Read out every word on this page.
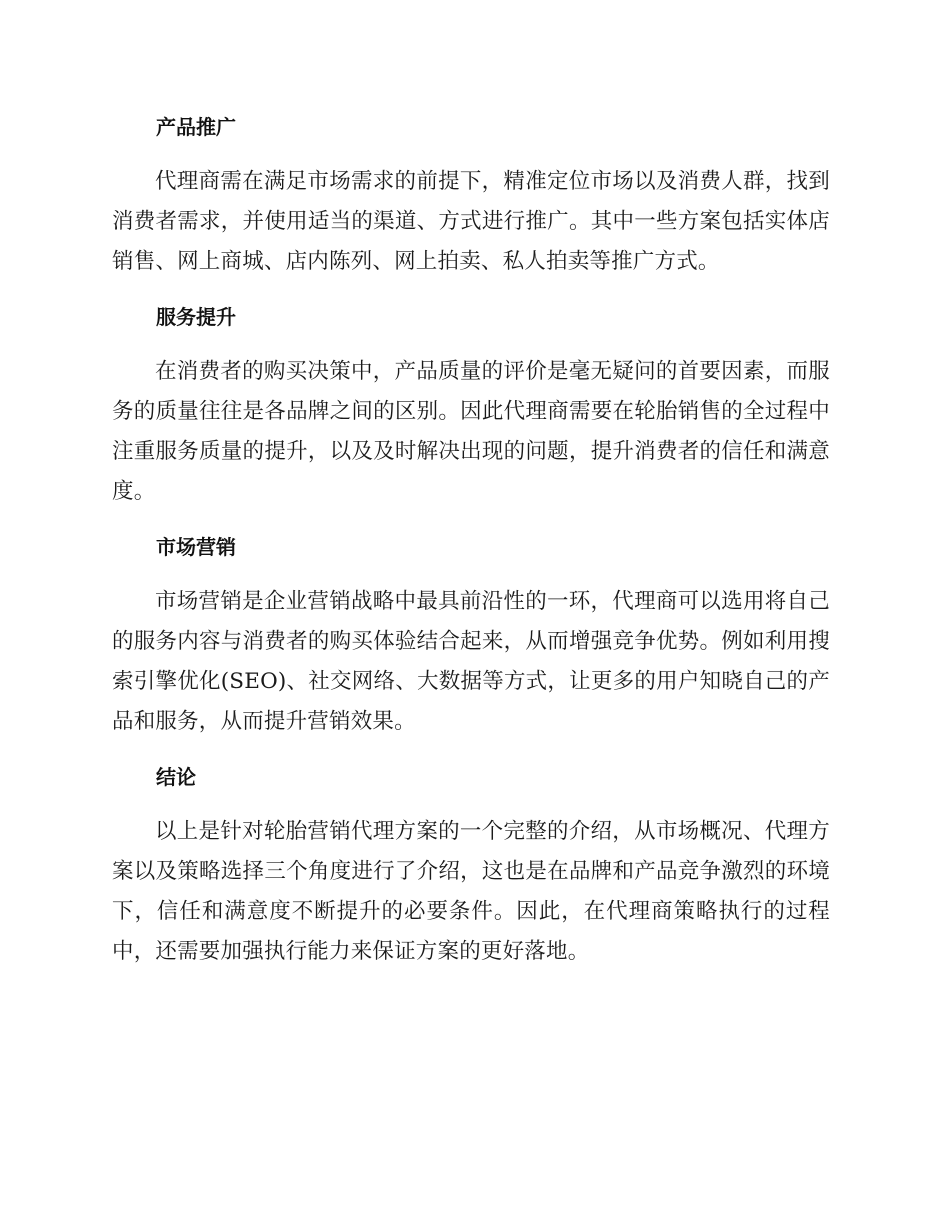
产品推广

代理商需在满足市场需求的前提下，精准定位市场以及消费人群，找到消费者需求，并使用适当的渠道、方式进行推广。其中一些方案包括实体店销售、网上商城、店内陈列、网上拍卖、私人拍卖等推广方式。

服务提升

在消费者的购买决策中，产品质量的评价是毫无疑问的首要因素，而服务的质量往往是各品牌之间的区别。因此代理商需要在轮胎销售的全过程中注重服务质量的提升，以及及时解决出现的问题，提升消费者的信任和满意度。

市场营销

市场营销是企业营销战略中最具前沿性的一环，代理商可以选用将自己的服务内容与消费者的购买体验结合起来，从而增强竞争优势。例如利用搜索引擎优化(SEO)、社交网络、大数据等方式，让更多的用户知晓自己的产品和服务，从而提升营销效果。

结论

以上是针对轮胎营销代理方案的一个完整的介绍，从市场概况、代理方案以及策略选择三个角度进行了介绍，这也是在品牌和产品竞争激烈的环境下，信任和满意度不断提升的必要条件。因此，在代理商策略执行的过程中，还需要加强执行能力来保证方案的更好落地。
